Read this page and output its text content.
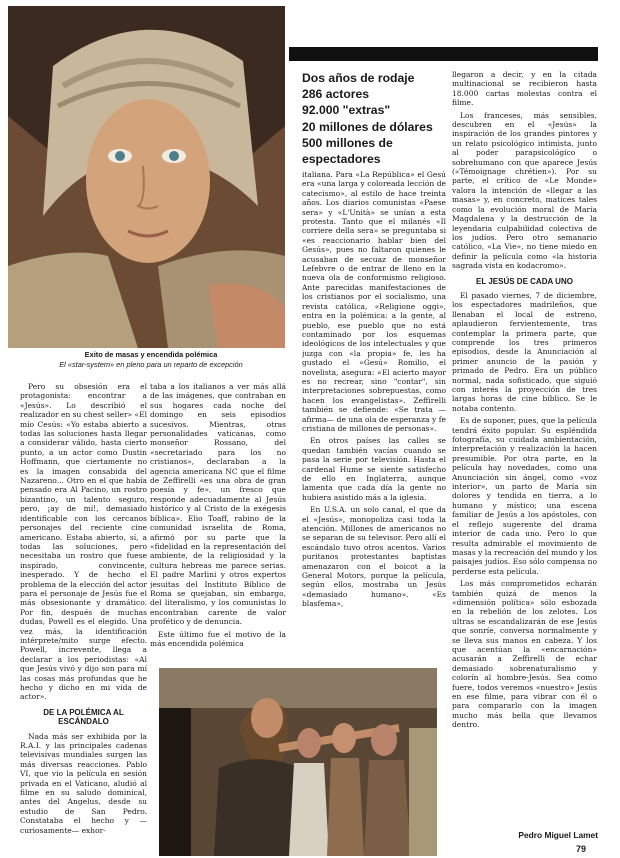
Exito de masas y encendida polémica
El «star-system» en pleno para un reparto de excepción
Dos años de rodaje
286 actores
92.000 "extras"
20 millones de dólares
500 millones de
espectadores

Pero su obsesión era el protagonista: encontrar a «Jesús». Lo describió el realizador en su chest seller» «El mío Cesús: «Yo estaba abierto a todas las soluciones hasta llegar a considerar válido, hasta cierto punto, a un actor como Dustin Hoffmann, que ciertamente no es la imagen consabida del Nazareno... Otro en el que había pensado era Al Pacino, un rostro bizantino, un talento seguro, pero, ¡ay de mí!, demasiado identificable con los cercanos personajes del reciente cine americano. Estaba abierto, sí, a todas las soluciones, pero necesitaba un rostro que fuese inspirado, convincente, inesperado. Y de hecho el problema de la elección del actor para el personaje de Jesús fue el más obsesionante y dramático. Por fin, después de muchas dudas, Powell es el elegido. Una vez más, la identificación intérprete/mito surge efecto. Powell, increvente, llega a declarar a los periodistas: «Al que Jesús vivó y dijo son para mí las cosas más profundas que he hecho y dicho en mi vida de actor».

DE LA POLÉMICA AL ESCÁNDALO

Nada más ser exhibida por la R.A.I. y las principales cadenas televisivas mundiales surgen las más diversas reacciones. Pablo VI, que vio la película en sesión privada en el Vaticano, aludió al filme en su saludo dominical, antes del Angelus, desde su estudio de San Pedro. Constataba el hecho y —curiosamente— exhor-

taba a los italianos a ver más allá de las imágenes, que contraban en sus hogares cada noche del domingo en seis episodios sucesivos. Mientras, otras personalidades vaticanas, como monseñor Rossano, del «secretariado para los no cristianos», declaraban a la agencia americana NC que el filme de Zeffirelli «es una obra de gran poesía y fe», un fresco que responde adecuadamente al Jesús histórico y al Cristo de la exégesis bíblica». Elio Toaff, rabino de la comunidad israelita de Roma, afirmó por su parte que la «fidelidad en la representación del ambiente, de la religiosidad y la cultura hebreas me parece serias. El padre Marlini y otros expertos jesuitas del Instituto Bíblico de Roma se quejaban, sin embargo, del literalismo, y los comunistas lo encontraban carente de valor profético y de denuncia.

Este último fue el motivo de la más encendida polémica

italiana. Para «La República» el Gesú era «una larga y coloreada lección de catecismo», al estilo de hace treinta años. Los diarios comunistas «Paese sera» y «L'Unità» se unían a esta protesta. Tanto que el milanés «Il corriere della sera» se preguntaba si «es reaccionario hablar bien del Gesús», pues no faltaron quienes le acusaban de secuaz de monseñor Lefebvre o de entrar de lleno en la nueva ola de conformismo religioso. Ante parecidas manifestaciones de los cristianos por el socialismo, una revista católica, «Religione oggi», entra en la polémica: a la gente, al pueblo, ese pueblo que no está contaminado por los esquemas ideológicos de los intelectuales y que juzga con «la propia» fe, les ha gustado el «Gesú» Romilio, el novelista, asegura: «El acierto mayor es no recrear, sino "contar", sin interpretaciones sobrepuestas, como hacen los evangelistas». Zeffirelli también se defiende: «Se trata —afirma— de una ola de esperanza y fe cristiana de millones de personas».

En otros países las calles se quedan también vacías cuando se pasa la serie por televisión. Hasta el cardenal Hume se siente satisfecho de ello en Inglaterra, aunque lamenta que cada día la gente no hubiera asistido más a la iglesia.

En U.S.A. un solo canal, el que da el «Jesús», monopoliza casi toda la atención. Millones de americanos no se separan de su televisor. Pero allí el escándalo tuvo otros acentos. Varios puritanos protestantes baptistas amenazaron con el boicot a la General Motors, porque la película, según ellos, mostraba un Jesús «demasiado humano». «Es blasfema»,

llegaron a decir, y en la citada multinacional se recibieron hasta 18.000 cartas molestas contra el filme.

Los franceses, más sensibles, descubren en el «Jesús» la inspiración de los grandes pintores y un relato psicológico intimista, junto al poder parapsicológico o sobrehumano con que aparece Jesús («Témoignage chrétien»). Por su parte, el crítico de «Le Monde» valora la intención de «llegar a las masas» y, en concreto, matices tales como la evolución moral de María Magdalena y la destrucción de la leyendaria culpabilidad colectiva de los judíos. Pero otro semanario católico, «La Vie», no tiene miedo en definir la película como «la historia sagrada vista en kodacromo».

EL JESÚS DE CADA UNO

El pasado viernes, 7 de diciembre, los espectadores madrileños, que llenaban el local de estreno, aplaudieron fervientemente, tras contemplar la primera parte, que comprende los tres primeros episodios, desde la Anunciación al primer anuncio de la pasión y primado de Pedro. Era un público normal, nada sofisticado, que siguió con interés la proyección de tres largas horas de cine bíblico. Se le notaba contento.

Es de suponer, pues, que la película tendrá éxito popular. Su espléndida fotografía, su cuidada ambientación, interpretación y realización la hacen presumible. Por otra parte, en la película hay novedades, como una Anunciación sin ángel, como «voz interior», un parto de María sin dolores y tendida en tierra, a lo humano y místico; una escena familiar de Jesús a los apóstoles, con el reflejo sugerente del drama interior de cada uno. Pero lo que resulta admirable el movimiento de masas y la recreación del mundo y los paisajes judíos. Eso sólo compensa no perderse esta película.

Los más comprometidos echarán también quizá de menos la «dimensión política» sólo esbozada en la rebelión de los zelotes. Los ultras se escandalizarán de ese Jesús que sonríe, conversa normalmente y se lleva sus manos en cabeza. Y los que acentúan la «encarnación» acusarán a Zeffirelli de echar demasiado sobrenaturalismo y colorín al hombre-Jesús. Sea como fuere, todos veremos «nuestro» Jesús en ese filme, para vibrar con él o para compararlo con la imagen mucho más bella que llevamos dentro.

Pedro Miguel Lamet
79
